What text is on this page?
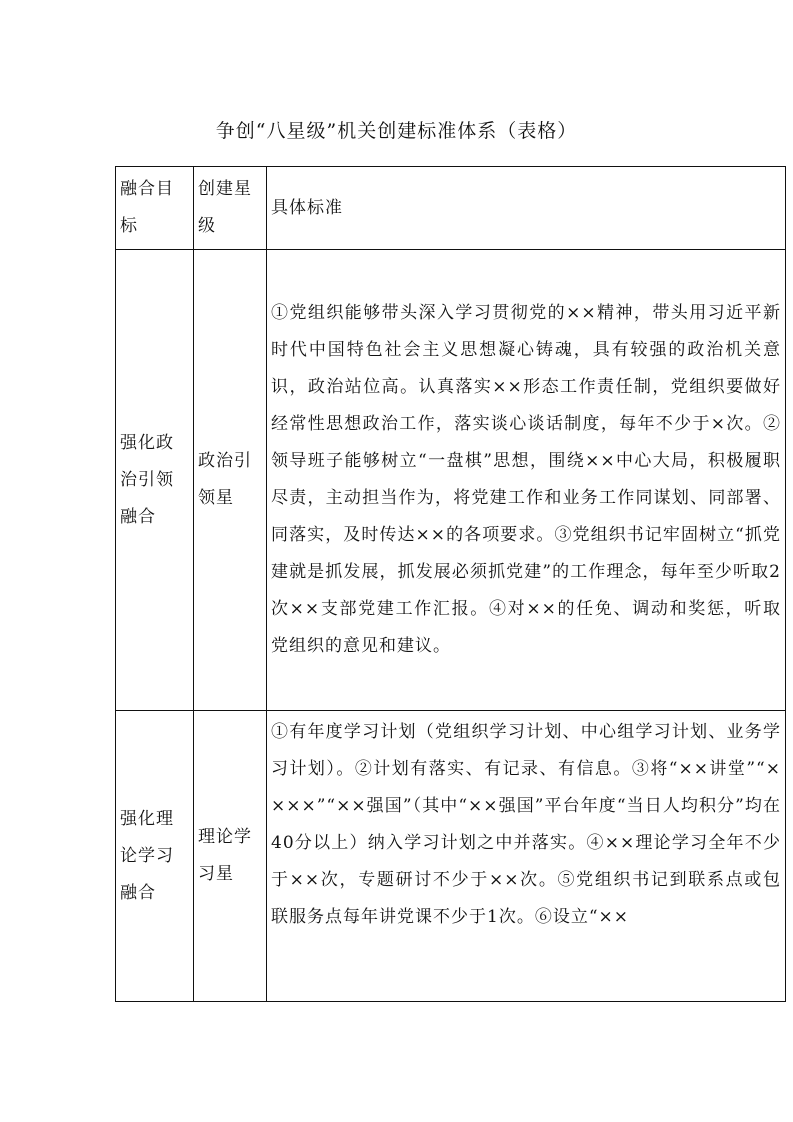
争创“八星级”机关创建标准体系（表格）
融合目标	创建星级	具体标准
强化政治引领融合	政治引领星	①党组织能够带头深入学习贯彻党的××精神，带头用习近平新时代中国特色社会主义思想凝心铸魂，具有较强的政治机关意识，政治站位高。认真落实××形态工作责任制，党组织要做好经常性思想政治工作，落实谈心谈话制度，每年不少于×次。②领导班子能够树立“一盘棋”思想，围绕××中心大局，积极履职尽责，主动担当作为，将党建工作和业务工作同谋划、同部署、同落实，及时传达××的各项要求。③党组织书记牢固树立“抓党建就是抓发展，抓发展必须抓党建”的工作理念，每年至少听取2次××支部党建工作汇报。④对××的任免、调动和奖惩，听取党组织的意见和建议。
强化理论学习融合	理论学习星	①有年度学习计划（党组织学习计划、中心组学习计划、业务学习计划）。②计划有落实、有记录、有信息。③将“××讲堂”“××××”“××强国”（其中“××强国”平台年度“当日人均积分”均在40分以上）纳入学习计划之中并落实。④××理论学习全年不少于××次，专题研讨不少于××次。⑤党组织书记到联系点或包联服务点每年讲党课不少于1次。⑥设立“××
